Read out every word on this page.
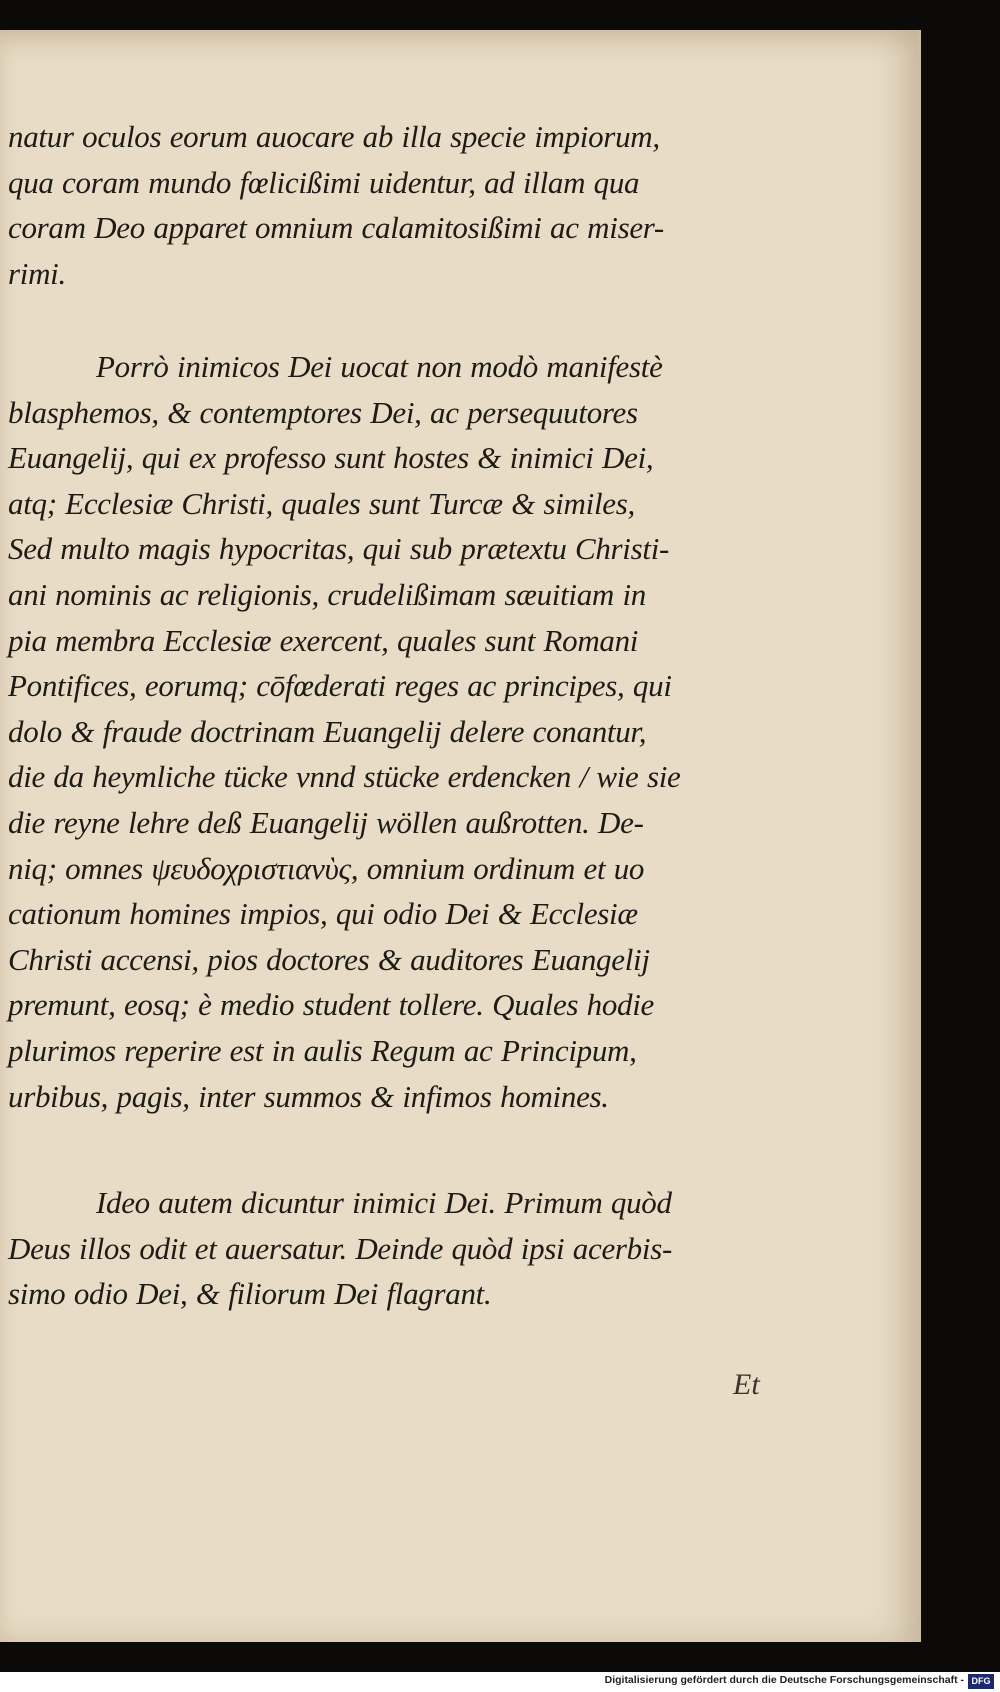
natur oculos eorum auocare ab illa specie impiorum,
qua coram mundo fœlicißimi uidentur, ad illam qua
coram Deo apparet omnium calamitosißimi ac miser-
rimi.
Porrò inimicos Dei uocat non modò manifestè
blasphemos, & contemptores Dei, ac persequutores
Euangelij, qui ex professo sunt hostes & inimici Dei,
atq; Ecclesiæ Christi, quales sunt Turcæ & similes,
Sed multo magis hypocritas, qui sub prætextu Christi-
ani nominis ac religionis, crudelißimam sæuitiam in
pia membra Ecclesiæ exercent, quales sunt Romani
Pontifices, eorumq; cōfœderati reges ac principes, qui
dolo & fraude doctrinam Euangelij delere conantur,
die da heymliche tücke vnnd stücke erdencken / wie sie
die reyne lehre deß Euangelij wöllen außrotten. De-
niq; omnes ψευδοχριστιανὺς, omnium ordinum et uo
cationum homines impios, qui odio Dei & Ecclesiæ
Christi accensi, pios doctores & auditores Euangelij
premunt, eosq; è medio student tollere. Quales hodie
plurimos reperire est in aulis Regum ac Principum,
urbibus, pagis, inter summos & infimos homines.
Ideo autem dicuntur inimici Dei. Primum quòd
Deus illos odit et auersatur. Deinde quòd ipsi acerbis-
simo odio Dei, & filiorum Dei flagrant.
Et
Digitalisierung gefördert durch die Deutsche Forschungsgemeinschaft - DFG
